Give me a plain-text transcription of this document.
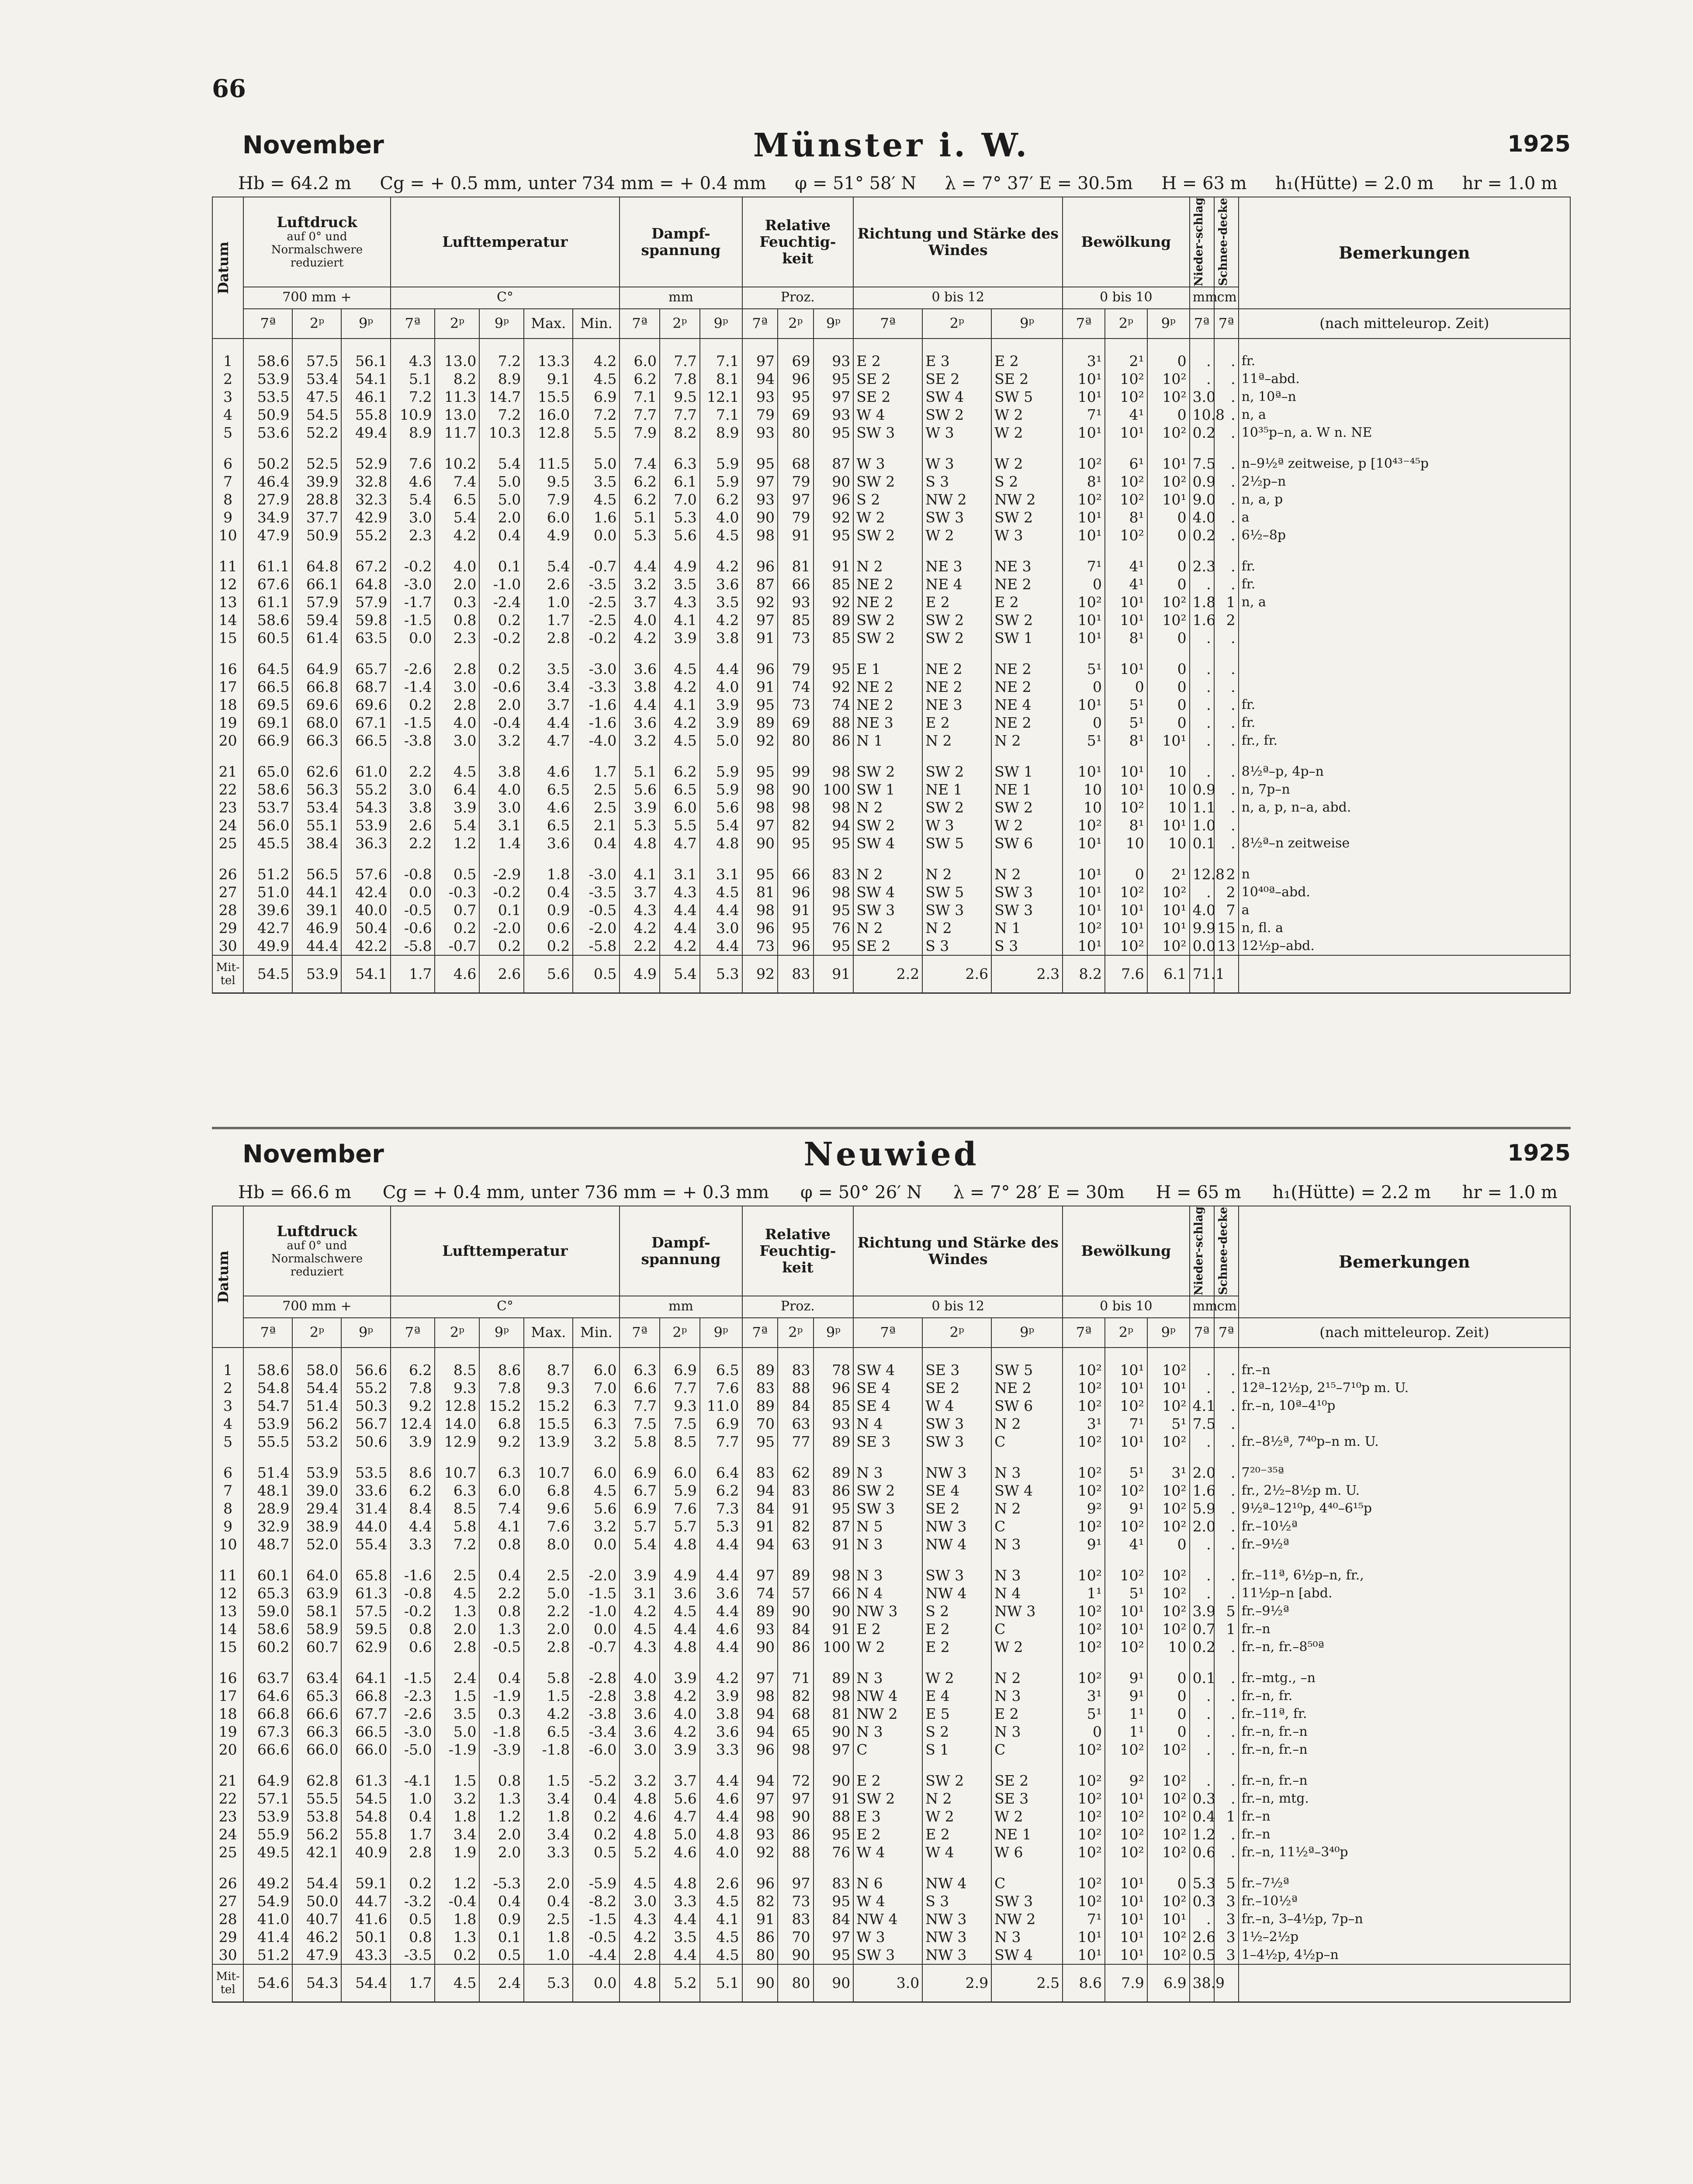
66
November	Münster i. W.	1925
Hb = 64.2 m Cg = + 0.5 mm, unter 734 mm = + 0.4 mm φ = 51° 58′ N λ = 7° 37′ E = 30.5m H = 63 m h₁(Hütte) = 2.0 m hr = 1.0 m
Datum	Luftdruck
auf 0° und Normalschwere reduziert			Lufttemperatur					Dampf-spannung			Relative Feuchtig-keit			Richtung und Stärke des Windes			Bewölkung			Nieder-schlag	Schnee-decke	Bemerkungen
	700 mm +			C°					mm			Proz.			0 bis 12			0 bis 10			mm	cm	
	7ª	2ᵖ	9ᵖ	7ª	2ᵖ	9ᵖ	Max.	Min.	7ª	2ᵖ	9ᵖ	7ª	2ᵖ	9ᵖ	7ª	2ᵖ	9ᵖ	7ª	2ᵖ	9ᵖ	7ª	7ª	(nach mitteleurop. Zeit)

1	58.6	57.5	56.1	4.3	13.0	7.2	13.3	4.2	6.0	7.7	7.1	97	69	93	E 2	E 3	E 2	3¹	2¹	0	.	.	fr.
2	53.9	53.4	54.1	5.1	8.2	8.9	9.1	4.5	6.2	7.8	8.1	94	96	95	SE 2	SE 2	SE 2	10¹	10²	10²	.	.	11ª–abd.
3	53.5	47.5	46.1	7.2	11.3	14.7	15.5	6.9	7.1	9.5	12.1	93	95	97	SE 2	SW 4	SW 5	10¹	10²	10²	3.0	.	n, 10ª–n
4	50.9	54.5	55.8	10.9	13.0	7.2	16.0	7.2	7.7	7.7	7.1	79	69	93	W 4	SW 2	W 2	7¹	4¹	0	10.8	.	n, a
5	53.6	52.2	49.4	8.9	11.7	10.3	12.8	5.5	7.9	8.2	8.9	93	80	95	SW 3	W 3	W 2	10¹	10¹	10²	0.2	.	10³⁵p–n, a. W n. NE

6	50.2	52.5	52.9	7.6	10.2	5.4	11.5	5.0	7.4	6.3	5.9	95	68	87	W 3	W 3	W 2	10²	6¹	10¹	7.5	.	n–9½ª zeitweise, p [10⁴³⁻⁴⁵p
7	46.4	39.9	32.8	4.6	7.4	5.0	9.5	3.5	6.2	6.1	5.9	97	79	90	SW 2	S 3	S 2	8¹	10²	10²	0.9	.	2½p–n
8	27.9	28.8	32.3	5.4	6.5	5.0	7.9	4.5	6.2	7.0	6.2	93	97	96	S 2	NW 2	NW 2	10²	10²	10¹	9.0	.	n, a, p
9	34.9	37.7	42.9	3.0	5.4	2.0	6.0	1.6	5.1	5.3	4.0	90	79	92	W 2	SW 3	SW 2	10¹	8¹	0	4.0	.	a
10	47.9	50.9	55.2	2.3	4.2	0.4	4.9	0.0	5.3	5.6	4.5	98	91	95	SW 2	W 2	W 3	10¹	10²	0	0.2	.	6½–8p

11	61.1	64.8	67.2	-0.2	4.0	0.1	5.4	-0.7	4.4	4.9	4.2	96	81	91	N 2	NE 3	NE 3	7¹	4¹	0	2.3	.	fr.
12	67.6	66.1	64.8	-3.0	2.0	-1.0	2.6	-3.5	3.2	3.5	3.6	87	66	85	NE 2	NE 4	NE 2	0	4¹	0	.	.	fr.
13	61.1	57.9	57.9	-1.7	0.3	-2.4	1.0	-2.5	3.7	4.3	3.5	92	93	92	NE 2	E 2	E 2	10²	10¹	10²	1.8	1	n, a
14	58.6	59.4	59.8	-1.5	0.8	0.2	1.7	-2.5	4.0	4.1	4.2	97	85	89	SW 2	SW 2	SW 2	10¹	10¹	10²	1.6	2	
15	60.5	61.4	63.5	0.0	2.3	-0.2	2.8	-0.2	4.2	3.9	3.8	91	73	85	SW 2	SW 2	SW 1	10¹	8¹	0	.	.	

16	64.5	64.9	65.7	-2.6	2.8	0.2	3.5	-3.0	3.6	4.5	4.4	96	79	95	E 1	NE 2	NE 2	5¹	10¹	0	.	.	
17	66.5	66.8	68.7	-1.4	3.0	-0.6	3.4	-3.3	3.8	4.2	4.0	91	74	92	NE 2	NE 2	NE 2	0	0	0	.	.	
18	69.5	69.6	69.6	0.2	2.8	2.0	3.7	-1.6	4.4	4.1	3.9	95	73	74	NE 2	NE 3	NE 4	10¹	5¹	0	.	.	fr.
19	69.1	68.0	67.1	-1.5	4.0	-0.4	4.4	-1.6	3.6	4.2	3.9	89	69	88	NE 3	E 2	NE 2	0	5¹	0	.	.	fr.
20	66.9	66.3	66.5	-3.8	3.0	3.2	4.7	-4.0	3.2	4.5	5.0	92	80	86	N 1	N 2	N 2	5¹	8¹	10¹	.	.	fr., fr.

21	65.0	62.6	61.0	2.2	4.5	3.8	4.6	1.7	5.1	6.2	5.9	95	99	98	SW 2	SW 2	SW 1	10¹	10¹	10	.	.	8½ª–p, 4p–n
22	58.6	56.3	55.2	3.0	6.4	4.0	6.5	2.5	5.6	6.5	5.9	98	90	100	SW 1	NE 1	NE 1	10	10¹	10	0.9	.	n, 7p–n
23	53.7	53.4	54.3	3.8	3.9	3.0	4.6	2.5	3.9	6.0	5.6	98	98	98	N 2	SW 2	SW 2	10	10²	10	1.1	.	n, a, p, n–a, abd.
24	56.0	55.1	53.9	2.6	5.4	3.1	6.5	2.1	5.3	5.5	5.4	97	82	94	SW 2	W 3	W 2	10²	8¹	10¹	1.0	.	
25	45.5	38.4	36.3	2.2	1.2	1.4	3.6	0.4	4.8	4.7	4.8	90	95	95	SW 4	SW 5	SW 6	10¹	10	10	0.1	.	8½ª–n zeitweise

26	51.2	56.5	57.6	-0.8	0.5	-2.9	1.8	-3.0	4.1	3.1	3.1	95	66	83	N 2	N 2	N 2	10¹	0	2¹	12.8	2	n
27	51.0	44.1	42.4	0.0	-0.3	-0.2	0.4	-3.5	3.7	4.3	4.5	81	96	98	SW 4	SW 5	SW 3	10¹	10²	10²	.	2	10⁴⁰ª–abd.
28	39.6	39.1	40.0	-0.5	0.7	0.1	0.9	-0.5	4.3	4.4	4.4	98	91	95	SW 3	SW 3	SW 3	10¹	10¹	10¹	4.0	7	a
29	42.7	46.9	50.4	-0.6	0.2	-2.0	0.6	-2.0	4.2	4.4	3.0	96	95	76	N 2	N 2	N 1	10²	10¹	10¹	9.9	15	n, fl. a
30	49.9	44.4	42.2	-5.8	-0.7	0.2	0.2	-5.8	2.2	4.2	4.4	73	96	95	SE 2	S 3	S 3	10¹	10²	10²	0.0	13	12½p–abd.
Mit-tel	54.5	53.9	54.1	1.7	4.6	2.6	5.6	0.5	4.9	5.4	5.3	92	83	91	2.2	2.6	2.3	8.2	7.6	6.1	71.1		
November	Neuwied	1925
Hb = 66.6 m Cg = + 0.4 mm, unter 736 mm = + 0.3 mm φ = 50° 26′ N λ = 7° 28′ E = 30m H = 65 m h₁(Hütte) = 2.2 m hr = 1.0 m
Datum	Luftdruck
auf 0° und Normalschwere reduziert			Lufttemperatur					Dampf-spannung			Relative Feuchtig-keit			Richtung und Stärke des Windes			Bewölkung			Nieder-schlag	Schnee-decke	Bemerkungen
	700 mm +			C°					mm			Proz.			0 bis 12			0 bis 10			mm	cm	
	7ª	2ᵖ	9ᵖ	7ª	2ᵖ	9ᵖ	Max.	Min.	7ª	2ᵖ	9ᵖ	7ª	2ᵖ	9ᵖ	7ª	2ᵖ	9ᵖ	7ª	2ᵖ	9ᵖ	7ª	7ª	(nach mitteleurop. Zeit)

1	58.6	58.0	56.6	6.2	8.5	8.6	8.7	6.0	6.3	6.9	6.5	89	83	78	SW 4	SE 3	SW 5	10²	10¹	10²	.	.	fr.–n
2	54.8	54.4	55.2	7.8	9.3	7.8	9.3	7.0	6.6	7.7	7.6	83	88	96	SE 4	SE 2	NE 2	10²	10¹	10¹	.	.	12ª–12½p, 2¹⁵–7¹⁰p m. U.
3	54.7	51.4	50.3	9.2	12.8	15.2	15.2	6.3	7.7	9.3	11.0	89	84	85	SE 4	W 4	SW 6	10²	10²	10²	4.1	.	fr.–n, 10ª–4¹⁰p
4	53.9	56.2	56.7	12.4	14.0	6.8	15.5	6.3	7.5	7.5	6.9	70	63	93	N 4	SW 3	N 2	3¹	7¹	5¹	7.5	.	
5	55.5	53.2	50.6	3.9	12.9	9.2	13.9	3.2	5.8	8.5	7.7	95	77	89	SE 3	SW 3	C	10²	10¹	10²	.	.	fr.–8½ª, 7⁴⁰p–n m. U.

6	51.4	53.9	53.5	8.6	10.7	6.3	10.7	6.0	6.9	6.0	6.4	83	62	89	N 3	NW 3	N 3	10²	5¹	3¹	2.0	.	7²⁰⁻³⁵ª
7	48.1	39.0	33.6	6.2	6.3	6.0	6.8	4.5	6.7	5.9	6.2	94	83	86	SW 2	SE 4	SW 4	10²	10²	10²	1.6	.	fr., 2½–8½p m. U.
8	28.9	29.4	31.4	8.4	8.5	7.4	9.6	5.6	6.9	7.6	7.3	84	91	95	SW 3	SE 2	N 2	9²	9¹	10²	5.9	.	9½ª–12¹⁰p, 4⁴⁰–6¹⁵p
9	32.9	38.9	44.0	4.4	5.8	4.1	7.6	3.2	5.7	5.7	5.3	91	82	87	N 5	NW 3	C	10²	10²	10²	2.0	.	fr.–10½ª
10	48.7	52.0	55.4	3.3	7.2	0.8	8.0	0.0	5.4	4.8	4.4	94	63	91	N 3	NW 4	N 3	9¹	4¹	0	.	.	fr.–9½ª

11	60.1	64.0	65.8	-1.6	2.5	0.4	2.5	-2.0	3.9	4.9	4.4	97	89	98	N 3	SW 3	N 3	10²	10²	10²	.	.	fr.–11ª, 6½p–n, fr.,
12	65.3	63.9	61.3	-0.8	4.5	2.2	5.0	-1.5	3.1	3.6	3.6	74	57	66	N 4	NW 4	N 4	1¹	5¹	10²	.	.	11½p–n [abd.
13	59.0	58.1	57.5	-0.2	1.3	0.8	2.2	-1.0	4.2	4.5	4.4	89	90	90	NW 3	S 2	NW 3	10²	10¹	10²	3.9	5	fr.–9½ª
14	58.6	58.9	59.5	0.8	2.0	1.3	2.0	0.0	4.5	4.4	4.6	93	84	91	E 2	E 2	C	10²	10¹	10²	0.7	1	fr.–n
15	60.2	60.7	62.9	0.6	2.8	-0.5	2.8	-0.7	4.3	4.8	4.4	90	86	100	W 2	E 2	W 2	10²	10²	10	0.2	.	fr.–n, fr.–8⁵⁰ª

16	63.7	63.4	64.1	-1.5	2.4	0.4	5.8	-2.8	4.0	3.9	4.2	97	71	89	N 3	W 2	N 2	10²	9¹	0	0.1	.	fr.–mtg., –n
17	64.6	65.3	66.8	-2.3	1.5	-1.9	1.5	-2.8	3.8	4.2	3.9	98	82	98	NW 4	E 4	N 3	3¹	9¹	0	.	.	fr.–n, fr.
18	66.8	66.6	67.7	-2.6	3.5	0.3	4.2	-3.8	3.6	4.0	3.8	94	68	81	NW 2	E 5	E 2	5¹	1¹	0	.	.	fr.–11ª, fr.
19	67.3	66.3	66.5	-3.0	5.0	-1.8	6.5	-3.4	3.6	4.2	3.6	94	65	90	N 3	S 2	N 3	0	1¹	0	.	.	fr.–n, fr.–n
20	66.6	66.0	66.0	-5.0	-1.9	-3.9	-1.8	-6.0	3.0	3.9	3.3	96	98	97	C	S 1	C	10²	10²	10²	.	.	fr.–n, fr.–n

21	64.9	62.8	61.3	-4.1	1.5	0.8	1.5	-5.2	3.2	3.7	4.4	94	72	90	E 2	SW 2	SE 2	10²	9²	10²	.	.	fr.–n, fr.–n
22	57.1	55.5	54.5	1.0	3.2	1.3	3.4	0.4	4.8	5.6	4.6	97	97	91	SW 2	N 2	SE 3	10²	10¹	10²	0.3	.	fr.–n, mtg.
23	53.9	53.8	54.8	0.4	1.8	1.2	1.8	0.2	4.6	4.7	4.4	98	90	88	E 3	W 2	W 2	10²	10²	10²	0.4	1	fr.–n
24	55.9	56.2	55.8	1.7	3.4	2.0	3.4	0.2	4.8	5.0	4.8	93	86	95	E 2	E 2	NE 1	10²	10²	10²	1.2	.	fr.–n
25	49.5	42.1	40.9	2.8	1.9	2.0	3.3	0.5	5.2	4.6	4.0	92	88	76	W 4	W 4	W 6	10²	10²	10²	0.6	.	fr.–n, 11½ª–3⁴⁰p

26	49.2	54.4	59.1	0.2	1.2	-5.3	2.0	-5.9	4.5	4.8	2.6	96	97	83	N 6	NW 4	C	10²	10¹	0	5.3	5	fr.–7½ª
27	54.9	50.0	44.7	-3.2	-0.4	0.4	0.4	-8.2	3.0	3.3	4.5	82	73	95	W 4	S 3	SW 3	10²	10¹	10²	0.3	3	fr.–10½ª
28	41.0	40.7	41.6	0.5	1.8	0.9	2.5	-1.5	4.3	4.4	4.1	91	83	84	NW 4	NW 3	NW 2	7¹	10¹	10¹	.	3	fr.–n, 3–4½p, 7p–n
29	41.4	46.2	50.1	0.8	1.3	0.1	1.8	-0.5	4.2	3.5	4.5	86	70	97	W 3	NW 3	N 3	10¹	10¹	10²	2.6	3	1½–2½p
30	51.2	47.9	43.3	-3.5	0.2	0.5	1.0	-4.4	2.8	4.4	4.5	80	90	95	SW 3	NW 3	SW 4	10¹	10¹	10²	0.5	3	1–4½p, 4½p–n
Mit-tel	54.6	54.3	54.4	1.7	4.5	2.4	5.3	0.0	4.8	5.2	5.1	90	80	90	3.0	2.9	2.5	8.6	7.9	6.9	38.9		
